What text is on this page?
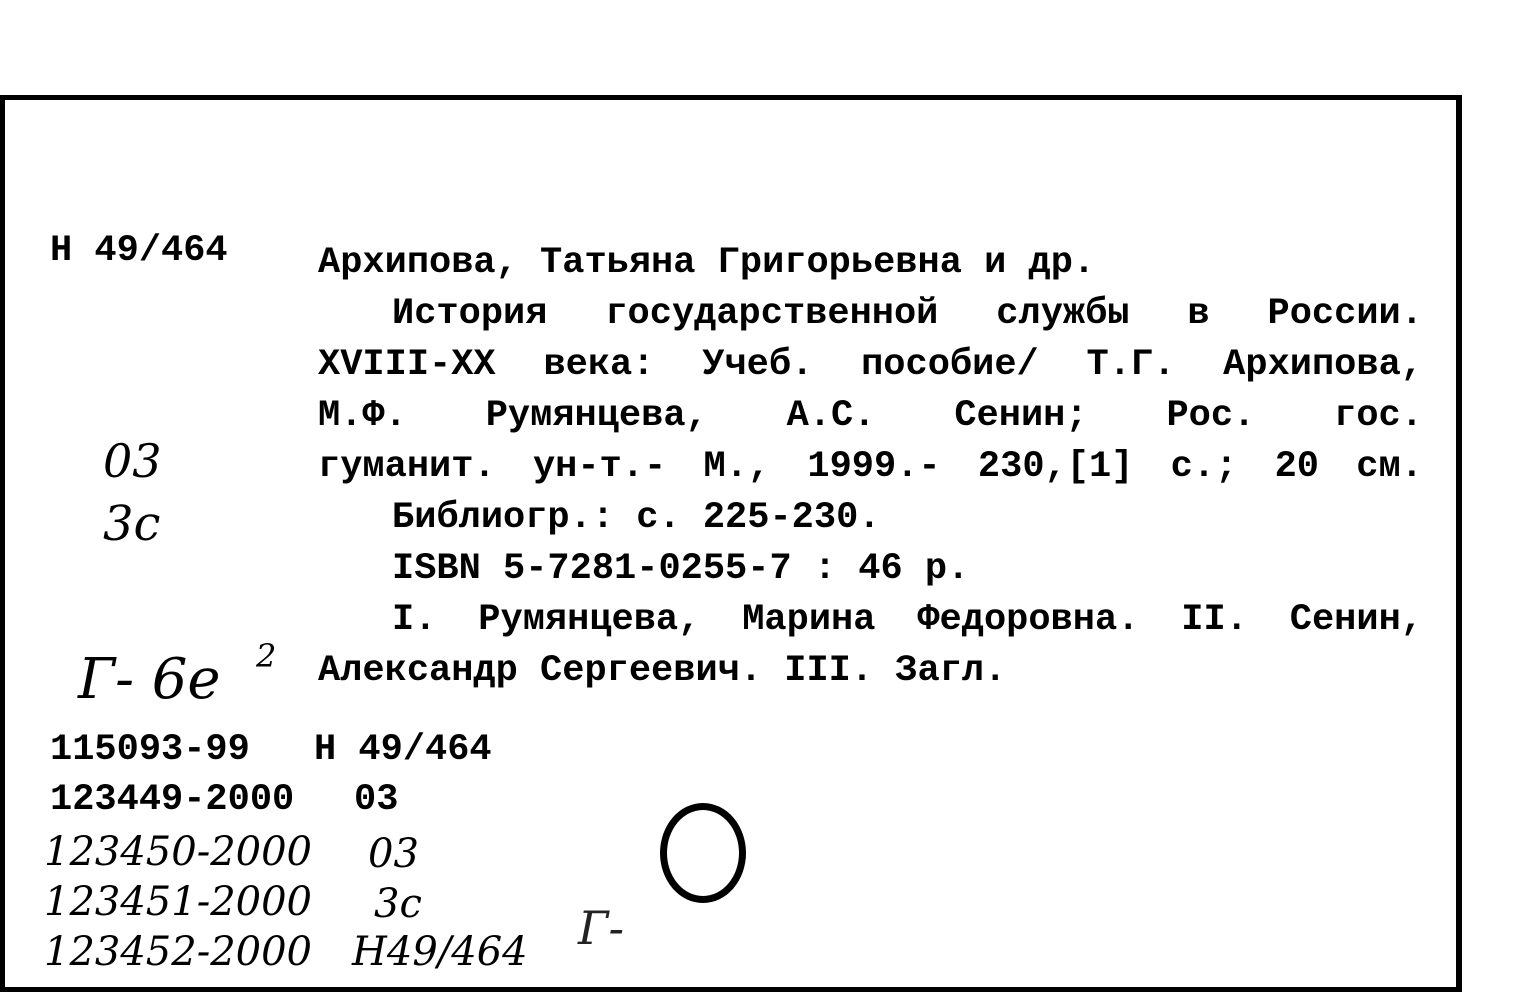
Н 49/464 Архипова, Татьяна Григорьевна и др.
История государственной службы в России.
XVIII-XX века: Учеб. пособие/ Т.Г. Архипова,
М.Ф. Румянцева, А.С. Сенин; Рос. гос.
гуманит. ун-т.- М., 1999.- 230,[1] с.; 20 см.
Библиогр.: с. 225-230.
ISBN 5-7281-0255-7 : 46 р.
I. Румянцева, Марина Федоровна. II. Сенин,
Александр Сергеевич. III. Загл.
03
3с
Г- 6е 2
115093-99 Н 49/464
123449-2000 03
123450-2000 03
123451-2000 3с
123452-2000 Н49/464 Г-
